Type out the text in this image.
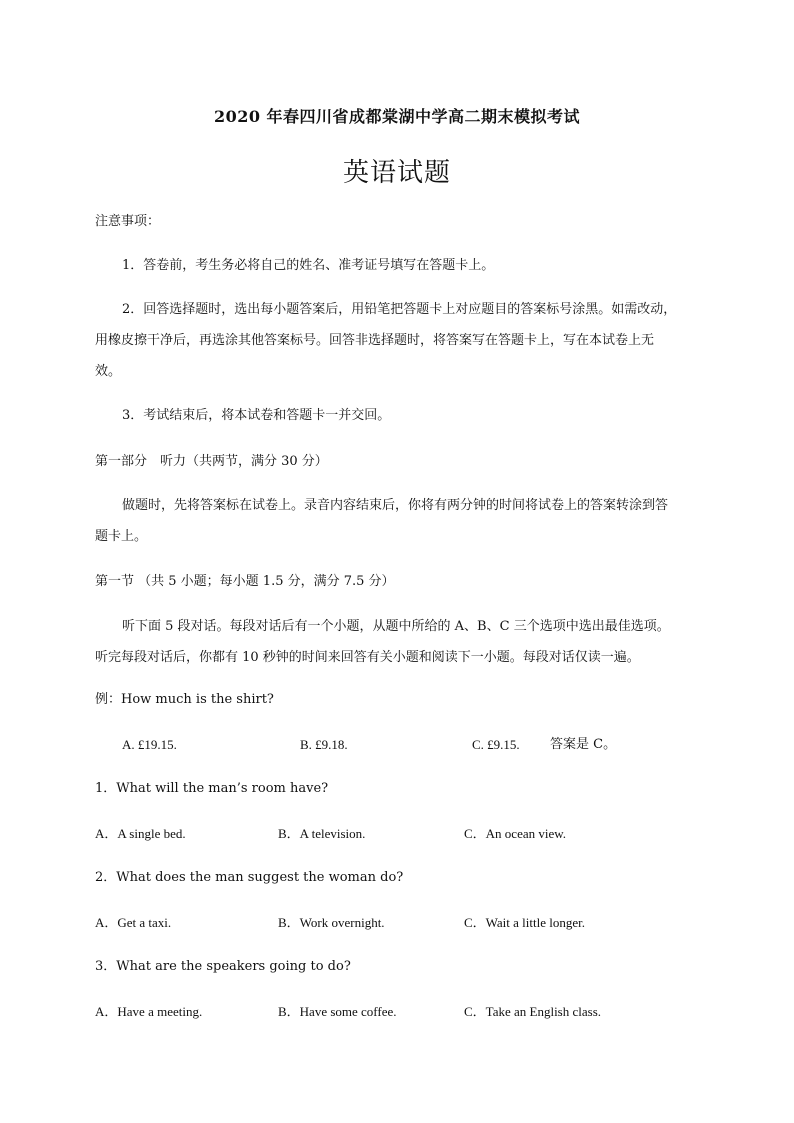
2020 年春四川省成都棠湖中学高二期末模拟考试
英语试题
注意事项：
1．答卷前，考生务必将自己的姓名、准考证号填写在答题卡上。
2．回答选择题时，选出每小题答案后，用铅笔把答题卡上对应题目的答案标号涂黑。如需改动，
用橡皮擦干净后，再选涂其他答案标号。回答非选择题时，将答案写在答题卡上，写在本试卷上无
效。
3．考试结束后，将本试卷和答题卡一并交回。
第一部分　听力（共两节，满分 30 分）
做题时，先将答案标在试卷上。录音内容结束后，你将有两分钟的时间将试卷上的答案转涂到答
题卡上。
第一节 （共 5 小题；每小题 1.5 分，满分 7.5 分）
听下面 5 段对话。每段对话后有一个小题，从题中所给的 A、B、C 三个选项中选出最佳选项。
听完每段对话后，你都有 10 秒钟的时间来回答有关小题和阅读下一小题。每段对话仅读一遍。
例：How much is the shirt?
A. £19.15.	B. £9.18.	C. £9.15. 答案是 C。
1．What will the man’s room have?
A．A single bed.	B．A television.	C．An ocean view.
2．What does the man suggest the woman do?
A．Get a taxi.	B．Work overnight.	C．Wait a little longer.
3．What are the speakers going to do?
A．Have a meeting.	B．Have some coffee.	C．Take an English class.
